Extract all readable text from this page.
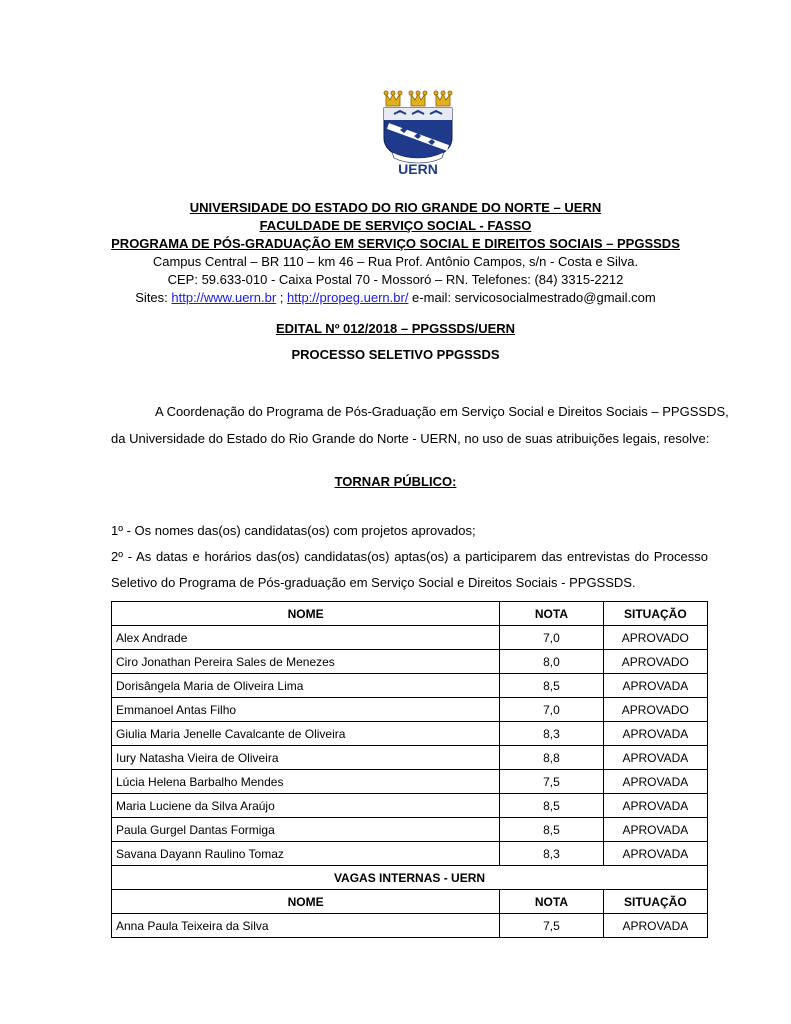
UERN
UNIVERSIDADE DO ESTADO DO RIO GRANDE DO NORTE – UERN
FACULDADE DE SERVIÇO SOCIAL - FASSO
PROGRAMA DE PÓS-GRADUAÇÃO EM SERVIÇO SOCIAL E DIREITOS SOCIAIS – PPGSSDS
Campus Central – BR 110 – km 46 – Rua Prof. Antônio Campos, s/n - Costa e Silva.
CEP: 59.633-010 - Caixa Postal 70 - Mossoró – RN. Telefones: (84) 3315-2212
Sites: http://www.uern.br ; http://propeg.uern.br/ e-mail: servicosocialmestrado@gmail.com
EDITAL Nº 012/2018 – PPGSSDS/UERN
PROCESSO SELETIVO PPGSSDS
A Coordenação do Programa de Pós-Graduação em Serviço Social e Direitos Sociais – PPGSSDS,
da Universidade do Estado do Rio Grande do Norte - UERN, no uso de suas atribuições legais, resolve:
TORNAR PÚBLICO:
1º - Os nomes das(os) candidatas(os) com projetos aprovados;
2º - As datas e horários das(os) candidatas(os) aptas(os) a participarem das entrevistas do Processo
Seletivo do Programa de Pós-graduação em Serviço Social e Direitos Sociais - PPGSSDS.
NOME	NOTA	SITUAÇÃO
Alex Andrade	7,0	APROVADO
Ciro Jonathan Pereira Sales de Menezes	8,0	APROVADO
Dorisângela Maria de Oliveira Lima	8,5	APROVADA
Emmanoel Antas Filho	7,0	APROVADO
Giulia Maria Jenelle Cavalcante de Oliveira	8,3	APROVADA
Iury Natasha Vieira de Oliveira	8,8	APROVADA
Lúcia Helena Barbalho Mendes	7,5	APROVADA
Maria Luciene da Silva Araújo	8,5	APROVADA
Paula Gurgel Dantas Formiga	8,5	APROVADA
Savana Dayann Raulino Tomaz	8,3	APROVADA
VAGAS INTERNAS - UERN		
NOME	NOTA	SITUAÇÃO
Anna Paula Teixeira da Silva	7,5	APROVADA
